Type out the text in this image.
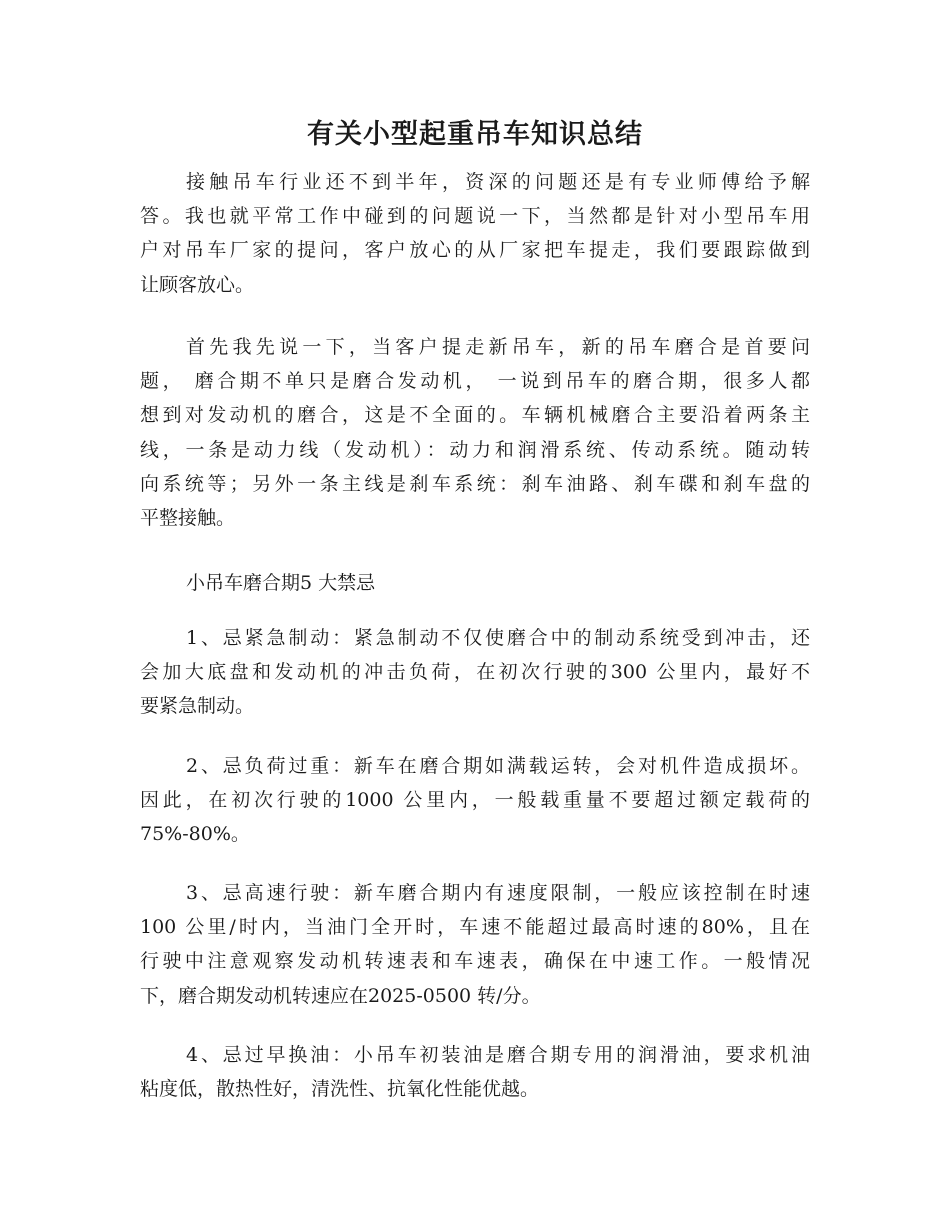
有关小型起重吊车知识总结
接触吊车行业还不到半年，资深的问题还是有专业师傅给予解
答。我也就平常工作中碰到的问题说一下，当然都是针对小型吊车用
户对吊车厂家的提问，客户放心的从厂家把车提走，我们要跟踪做到
让顾客放心。
首先我先说一下，当客户提走新吊车，新的吊车磨合是首要问
题， 磨合期不单只是磨合发动机， 一说到吊车的磨合期，很多人都
想到对发动机的磨合，这是不全面的。车辆机械磨合主要沿着两条主
线，一条是动力线（发动机）：动力和润滑系统、传动系统。随动转
向系统等；另外一条主线是刹车系统：刹车油路、刹车碟和刹车盘的
平整接触。
小吊车磨合期5 大禁忌
1、忌紧急制动：紧急制动不仅使磨合中的制动系统受到冲击，还
会加大底盘和发动机的冲击负荷，在初次行驶的300 公里内，最好不
要紧急制动。
2、忌负荷过重：新车在磨合期如满载运转，会对机件造成损坏。
因此，在初次行驶的1000 公里内，一般载重量不要超过额定载荷的
75%-80%。
3、忌高速行驶：新车磨合期内有速度限制，一般应该控制在时速
100 公里/时内，当油门全开时，车速不能超过最高时速的80%，且在
行驶中注意观察发动机转速表和车速表，确保在中速工作。一般情况
下，磨合期发动机转速应在2025-0500 转/分。
4、忌过早换油：小吊车初装油是磨合期专用的润滑油，要求机油
粘度低，散热性好，清洗性、抗氧化性能优越。
